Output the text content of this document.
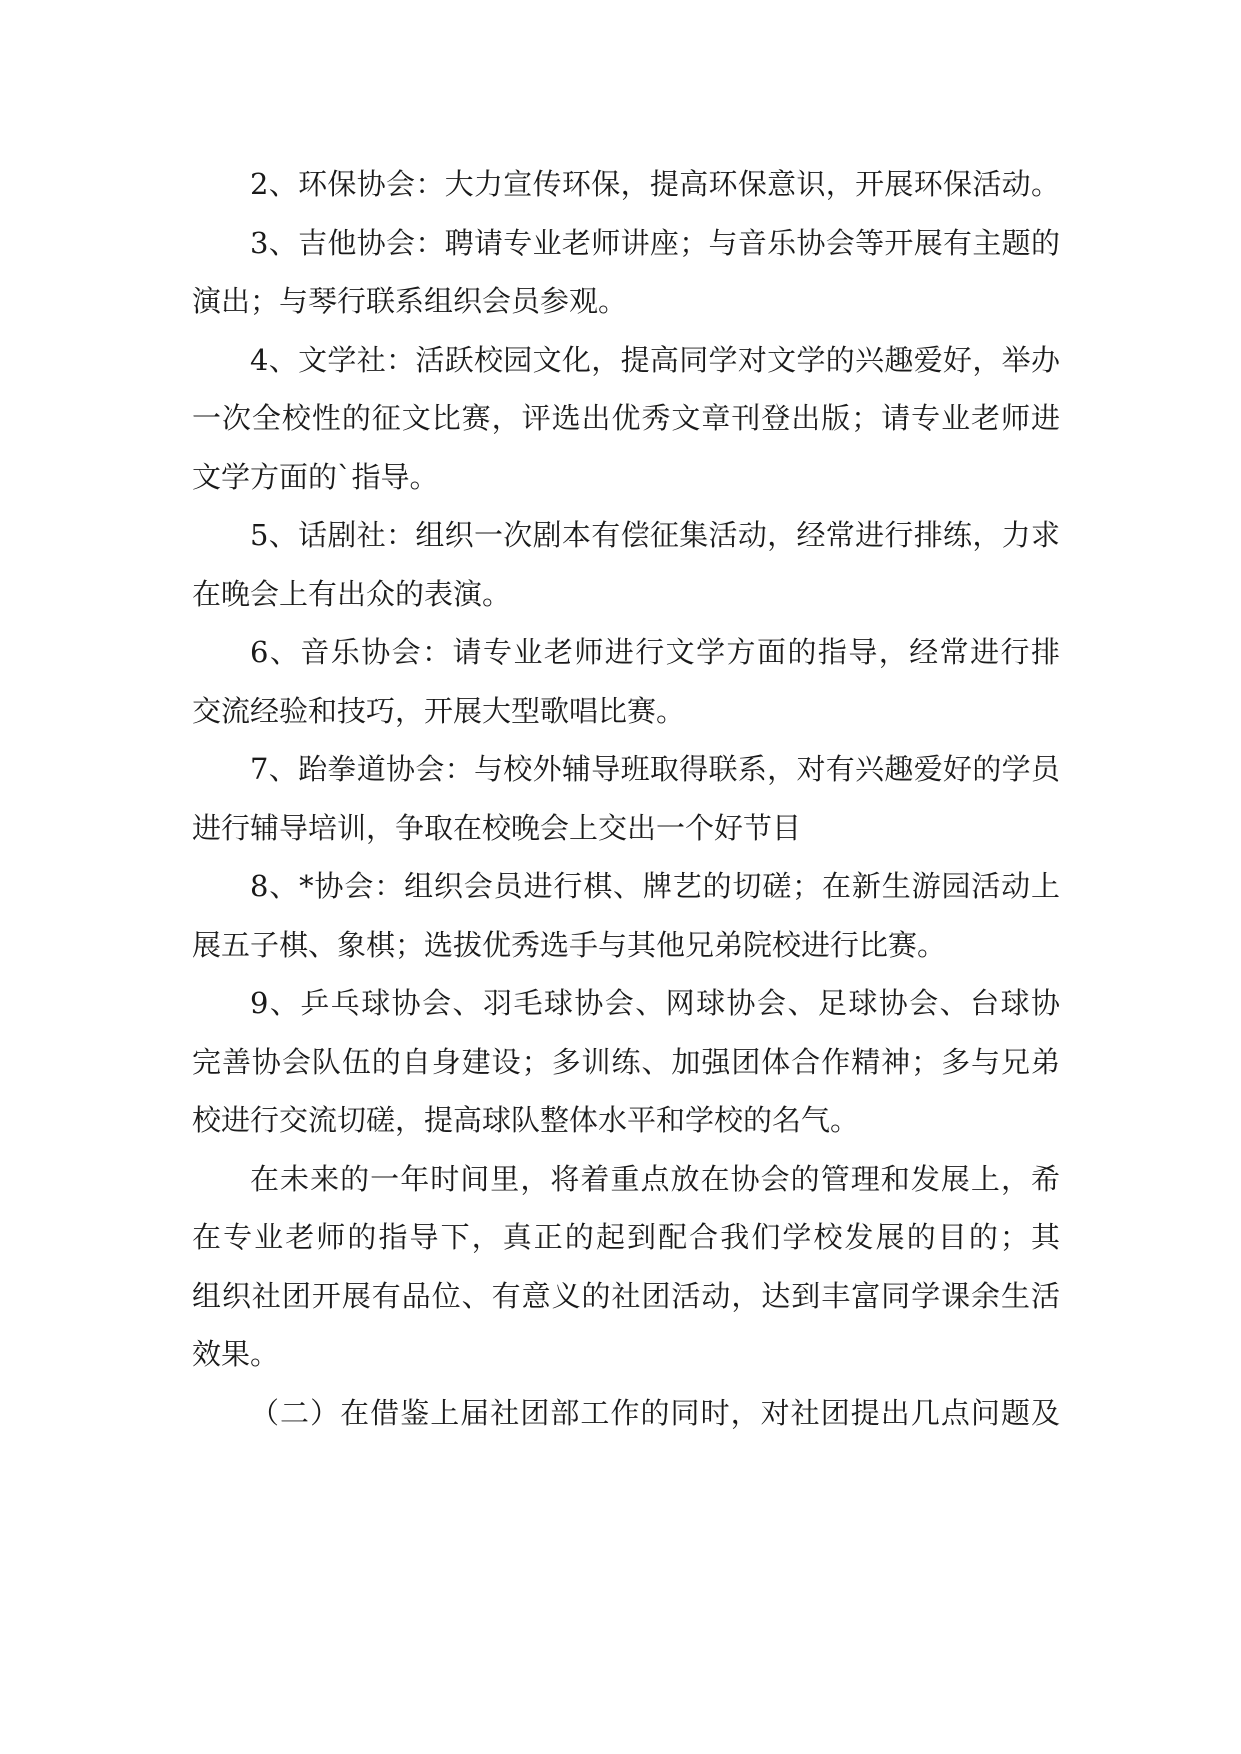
2、环保协会：大力宣传环保，提高环保意识，开展环保活动。
3、吉他协会：聘请专业老师讲座；与音乐协会等开展有主题的
演出；与琴行联系组织会员参观。
4、文学社：活跃校园文化，提高同学对文学的兴趣爱好，举办
一次全校性的征文比赛，评选出优秀文章刊登出版；请专业老师进
文学方面的`指导。
5、话剧社：组织一次剧本有偿征集活动，经常进行排练，力求
在晚会上有出众的表演。
6、音乐协会：请专业老师进行文学方面的指导，经常进行排
交流经验和技巧，开展大型歌唱比赛。
7、跆拳道协会：与校外辅导班取得联系，对有兴趣爱好的学员
进行辅导培训，争取在校晚会上交出一个好节目
8、*协会：组织会员进行棋、牌艺的切磋；在新生游园活动上
展五子棋、象棋；选拔优秀选手与其他兄弟院校进行比赛。
9、乒乓球协会、羽毛球协会、网球协会、足球协会、台球协
完善协会队伍的自身建设；多训练、加强团体合作精神；多与兄弟
校进行交流切磋，提高球队整体水平和学校的名气。
在未来的一年时间里，将着重点放在协会的管理和发展上，希
在专业老师的指导下，真正的起到配合我们学校发展的目的；其
组织社团开展有品位、有意义的社团活动，达到丰富同学课余生活
效果。
（二）在借鉴上届社团部工作的同时，对社团提出几点问题及
